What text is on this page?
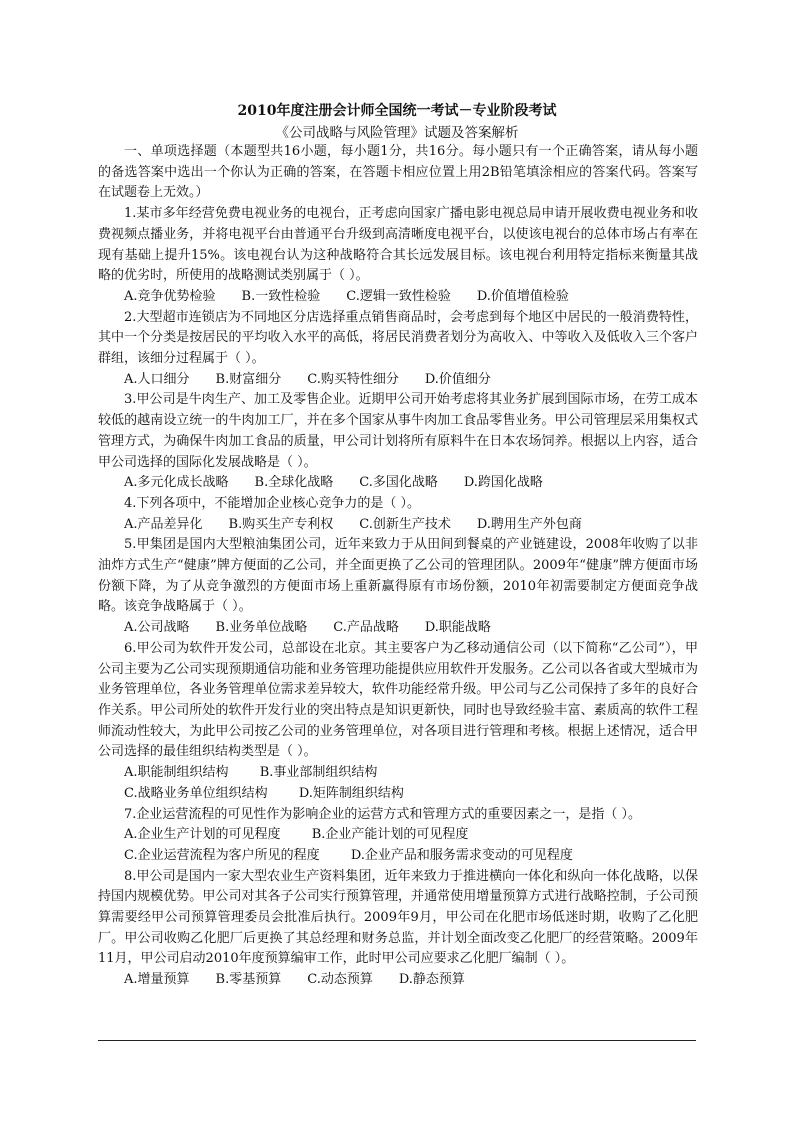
2010年度注册会计师全国统一考试－专业阶段考试
《公司战略与风险管理》试题及答案解析

一、单项选择题（本题型共16小题，每小题1分，共16分。每小题只有一个正确答案，请从每小题的备选答案中选出一个你认为正确的答案，在答题卡相应位置上用2B铅笔填涂相应的答案代码。答案写在试题卷上无效。）

1.某市多年经营免费电视业务的电视台，正考虑向国家广播电影电视总局申请开展收费电视业务和收费视频点播业务，并将电视平台由普通平台升级到高清晰度电视平台，以使该电视台的总体市场占有率在现有基础上提升15%。该电视台认为这种战略符合其长远发展目标。该电视台利用特定指标来衡量其战略的优劣时，所使用的战略测试类别属于（ ）。

A.竞争优势检验 B.一致性检验 C.逻辑一致性检验 D.价值增值检验

2.大型超市连锁店为不同地区分店选择重点销售商品时，会考虑到每个地区中居民的一般消费特性，其中一个分类是按居民的平均收入水平的高低，将居民消费者划分为高收入、中等收入及低收入三个客户群组，该细分过程属于（ ）。

A.人口细分 B.财富细分 C.购买特性细分 D.价值细分

3.甲公司是牛肉生产、加工及零售企业。近期甲公司开始考虑将其业务扩展到国际市场，在劳工成本较低的越南设立统一的牛肉加工厂，并在多个国家从事牛肉加工食品零售业务。甲公司管理层采用集权式管理方式，为确保牛肉加工食品的质量，甲公司计划将所有原料牛在日本农场饲养。根据以上内容，适合甲公司选择的国际化发展战略是（ ）。

A.多元化成长战略 B.全球化战略 C.多国化战略 D.跨国化战略

4.下列各项中，不能增加企业核心竞争力的是（ ）。

A.产品差异化 B.购买生产专利权 C.创新生产技术 D.聘用生产外包商

5.甲集团是国内大型粮油集团公司，近年来致力于从田间到餐桌的产业链建设，2008年收购了以非油炸方式生产“健康”牌方便面的乙公司，并全面更换了乙公司的管理团队。2009年“健康”牌方便面市场份额下降，为了从竞争激烈的方便面市场上重新赢得原有市场份额，2010年初需要制定方便面竞争战略。该竞争战略属于（ ）。

A.公司战略 B.业务单位战略 C.产品战略 D.职能战略

6.甲公司为软件开发公司，总部设在北京。其主要客户为乙移动通信公司（以下简称“乙公司”），甲公司主要为乙公司实现预期通信功能和业务管理功能提供应用软件开发服务。乙公司以各省或大型城市为业务管理单位，各业务管理单位需求差异较大，软件功能经常升级。甲公司与乙公司保持了多年的良好合作关系。甲公司所处的软件开发行业的突出特点是知识更新快，同时也导致经验丰富、素质高的软件工程师流动性较大，为此甲公司按乙公司的业务管理单位，对各项目进行管理和考核。根据上述情况，适合甲公司选择的最佳组织结构类型是（ ）。

A.职能制组织结构 B.事业部制组织结构
C.战略业务单位组织结构 D.矩阵制组织结构

7.企业运营流程的可见性作为影响企业的运营方式和管理方式的重要因素之一，是指（ ）。

A.企业生产计划的可见程度 B.企业产能计划的可见程度
C.企业运营流程为客户所见的程度 D.企业产品和服务需求变动的可见程度

8.甲公司是国内一家大型农业生产资料集团，近年来致力于推进横向一体化和纵向一体化战略，以保持国内规模优势。甲公司对其各子公司实行预算管理，并通常使用增量预算方式进行战略控制，子公司预算需要经甲公司预算管理委员会批准后执行。2009年9月，甲公司在化肥市场低迷时期，收购了乙化肥厂。甲公司收购乙化肥厂后更换了其总经理和财务总监，并计划全面改变乙化肥厂的经营策略。2009年11月，甲公司启动2010年度预算编审工作，此时甲公司应要求乙化肥厂编制（ ）。

A.增量预算 B.零基预算 C.动态预算 D.静态预算
